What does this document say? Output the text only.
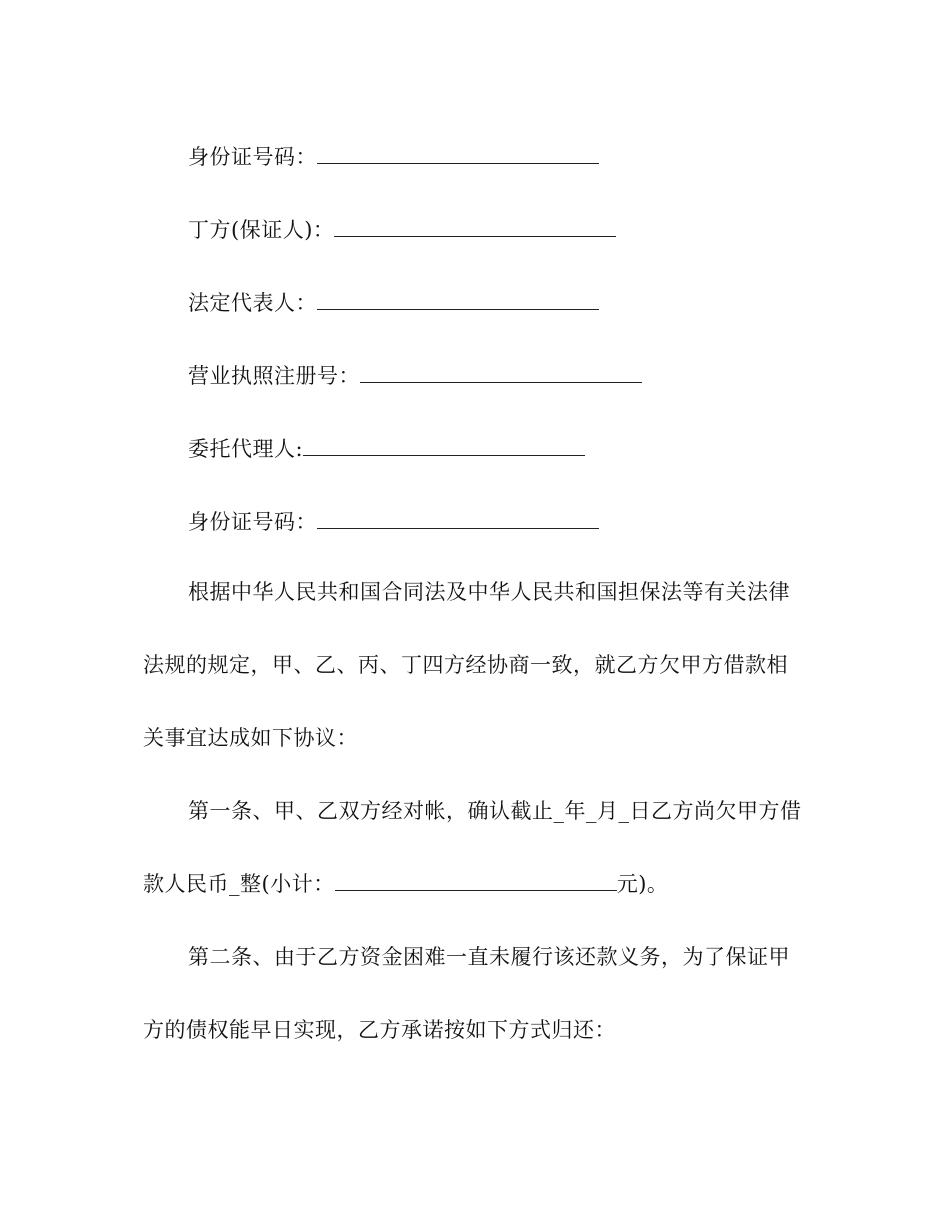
身份证号码：
丁方(保证人)：
法定代表人：
营业执照注册号：
委托代理人:
身份证号码：
根据中华人民共和国合同法及中华人民共和国担保法等有关法律
法规的规定，甲、乙、丙、丁四方经协商一致，就乙方欠甲方借款相
关事宜达成如下协议：
第一条、甲、乙双方经对帐，确认截止_年_月_日乙方尚欠甲方借
款人民币_整(小计：	元)。
第二条、由于乙方资金困难一直未履行该还款义务，为了保证甲
方的债权能早日实现，乙方承诺按如下方式归还：
